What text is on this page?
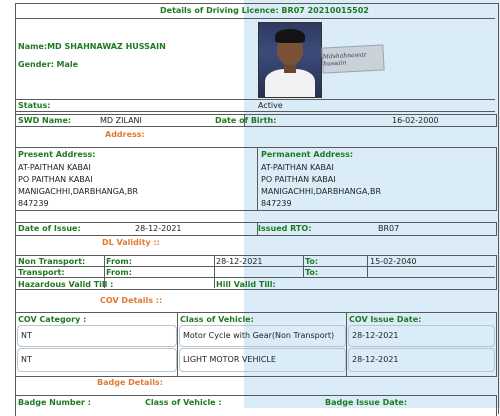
Details of Driving Licence: BR07 20210015502
Name:MD SHAHNAWAZ HUSSAIN
Gender: Male
Mdshahnawaz hussain
Status:	Active
SWD Name:	MD ZILANI	Date of Birth:	16-02-2000
Address:
Present Address:
AT-PAITHAN KABAI
PO PAITHAN KABAI
MANIGACHHI,DARBHANGA,BR
847239
Permanent Address:
AT-PAITHAN KABAI
PO PAITHAN KABAI
MANIGACHHI,DARBHANGA,BR
847239
Date of Issue:	28-12-2021	Issued RTO:	BR07
DL Validity ::
Non Transport:	From:	28-12-2021	To:	15-02-2040
Transport:	From:	To:
Hazardous Valid Till :	Hill Valid Till:
COV Details ::
COV Category :	Class of Vehicle:	COV Issue Date:
NT	Motor Cycle with Gear(Non Transport) 28-12-2021
NT	LIGHT MOTOR VEHICLE	28-12-2021
Badge Details:
Badge Number :	Class of Vehicle :	Badge Issue Date:
